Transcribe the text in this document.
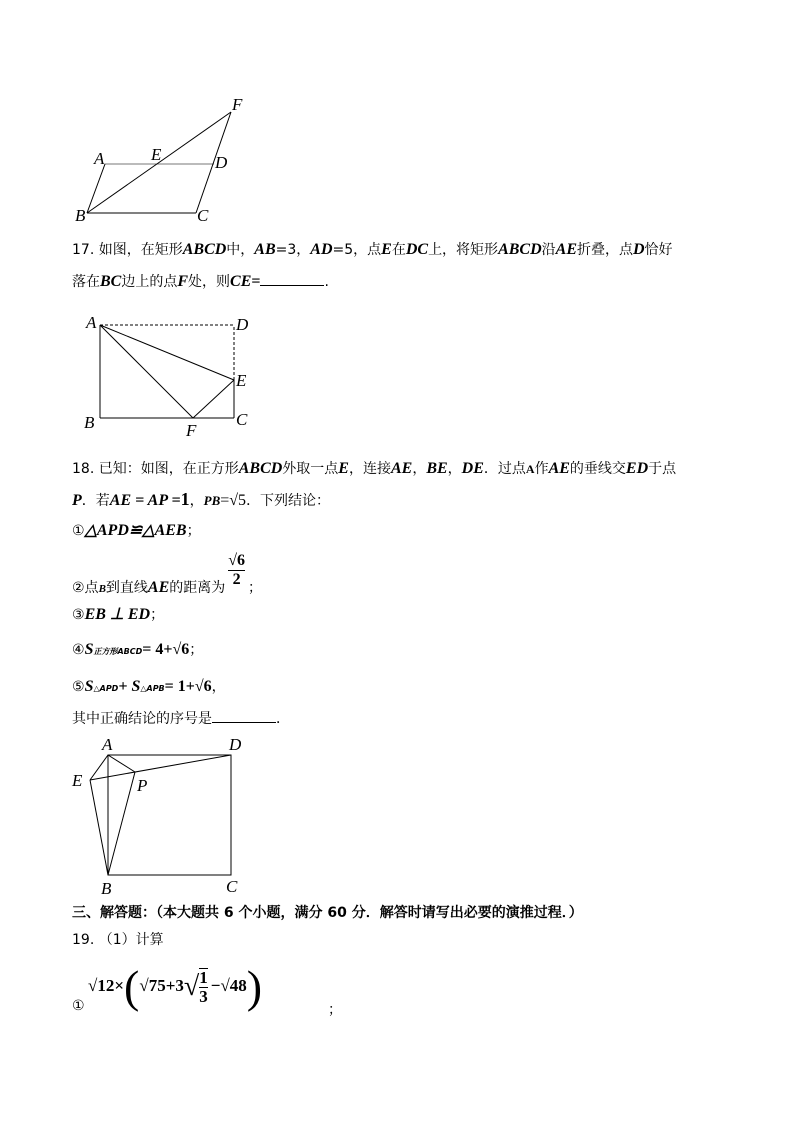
A	E	D
F
B	C
A	D
E
B	F
C
A	D
E	P
B	C
17. 如图，在矩形ABCD中，AB=3，AD=5，点E在DC上，将矩形ABCD沿AE折叠，点D恰好
落在BC边上的点F处，则CE=	.
18. 已知：如图，在正方形ABCD外取一点E，连接AE，BE，DE．过点A作AE的垂线交ED于点
P．若AE = AP =1，PB=√5．下列结论：
①△APD≌△AEB；
②点$_B$到直线AE的距离为 $\frac{√6}{2}$ ；
③EB ⊥ ED；
④S正方形ABCD= 4+√6；
⑤S△APD+ S△APB= 1+√6，
其中正确结论的序号是	．
三、解答题：（本大题共 6 个小题，满分 60 分．解答时请写出必要的演推过程．）
19. （1）计算
①
$√12\times(√75+3√ \frac{1}{3} -√48)$	；
